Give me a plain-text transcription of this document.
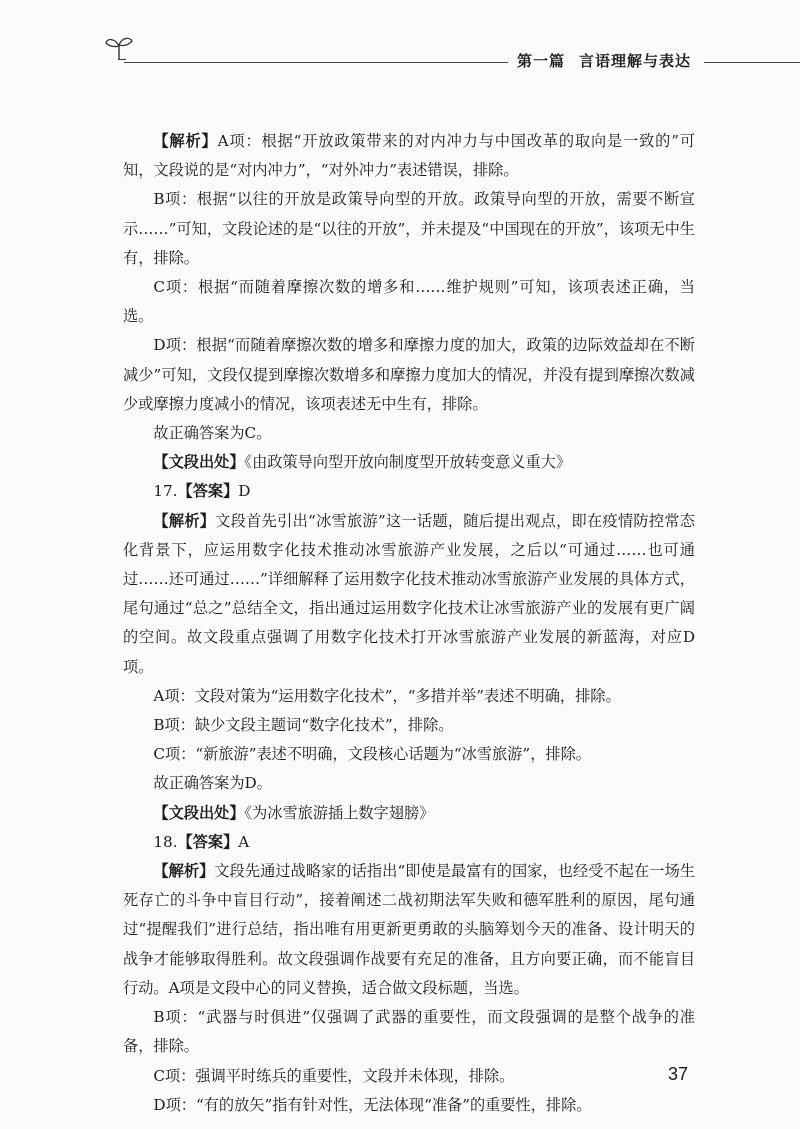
第一篇 言语理解与表达

【解析】A项：根据“开放政策带来的对内冲力与中国改革的取向是一致的”可知，文段说的是“对内冲力”，“对外冲力”表述错误，排除。

B项：根据“以往的开放是政策导向型的开放。政策导向型的开放，需要不断宣示……”可知，文段论述的是“以往的开放”，并未提及“中国现在的开放”，该项无中生有，排除。

C项：根据“而随着摩擦次数的增多和……维护规则”可知，该项表述正确，当选。

D项：根据“而随着摩擦次数的增多和摩擦力度的加大，政策的边际效益却在不断减少”可知，文段仅提到摩擦次数增多和摩擦力度加大的情况，并没有提到摩擦次数减少或摩擦力度减小的情况，该项表述无中生有，排除。

故正确答案为C。

【文段出处】《由政策导向型开放向制度型开放转变意义重大》

17.【答案】D

【解析】文段首先引出“冰雪旅游”这一话题，随后提出观点，即在疫情防控常态化背景下，应运用数字化技术推动冰雪旅游产业发展，之后以“可通过……也可通过……还可通过……”详细解释了运用数字化技术推动冰雪旅游产业发展的具体方式，尾句通过“总之”总结全文，指出通过运用数字化技术让冰雪旅游产业的发展有更广阔的空间。故文段重点强调了用数字化技术打开冰雪旅游产业发展的新蓝海，对应D项。

A项：文段对策为“运用数字化技术”，“多措并举”表述不明确，排除。

B项：缺少文段主题词“数字化技术”，排除。

C项：“新旅游”表述不明确，文段核心话题为“冰雪旅游”，排除。

故正确答案为D。

【文段出处】《为冰雪旅游插上数字翅膀》

18.【答案】A

【解析】文段先通过战略家的话指出“即使是最富有的国家，也经受不起在一场生死存亡的斗争中盲目行动”，接着阐述二战初期法军失败和德军胜利的原因，尾句通过“提醒我们”进行总结，指出唯有用更新更勇敢的头脑筹划今天的准备、设计明天的战争才能够取得胜利。故文段强调作战要有充足的准备，且方向要正确，而不能盲目行动。A项是文段中心的同义替换，适合做文段标题，当选。

B项：“武器与时俱进”仅强调了武器的重要性，而文段强调的是整个战争的准备，排除。

C项：强调平时练兵的重要性，文段并未体现，排除。

D项：“有的放矢”指有针对性，无法体现“准备”的重要性，排除。

37
